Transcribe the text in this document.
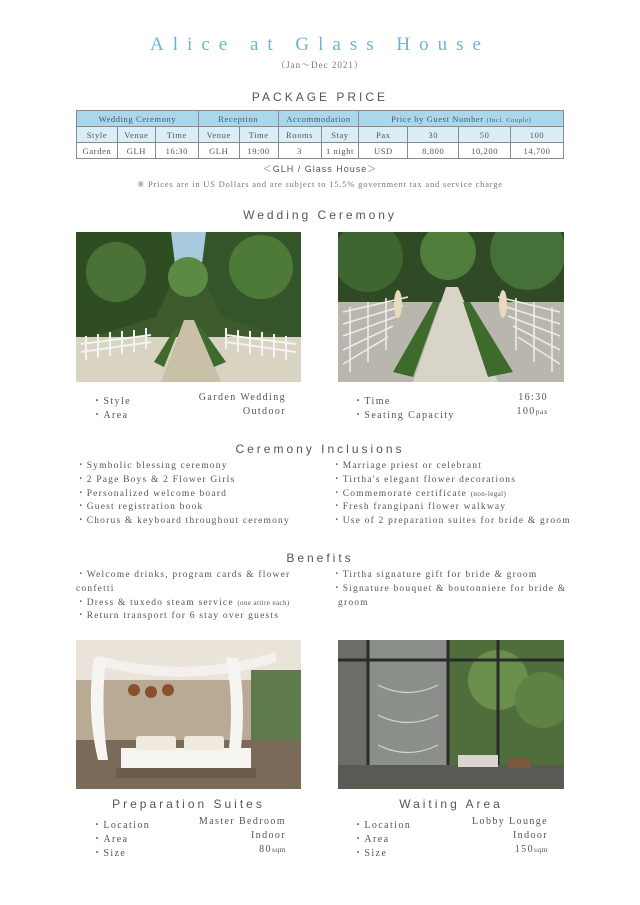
Alice at Glass House
（Jan〜Dec 2021）
PACKAGE PRICE
Wedding Ceremony			Reception		Accommodation		Price by Guest Number (Incl. Couple)			
Style	Venue	Time	Venue	Time	Rooms	Stay	Pax	30	50	100
Garden	GLH	16:30	GLH	19:00	3	1 night	USD	8,800	10,200	14,700
＜GLH / Glass House＞
※ Prices are in US Dollars and are subject to 15.5% government tax and service charge
Wedding Ceremony
・Style	Garden Wedding
・Area	Outdoor
・Time	16:30
・Seating Capacity	100pax
Ceremony Inclusions
・Symbolic blessing ceremony
・2 Page Boys & 2 Flower Girls
・Personalized welcome board
・Guest registration book
・Chorus & keyboard throughout ceremony
・Marriage priest or celebrant
・Tirtha's elegant flower decorations
・Commemorate certificate (non-legal)
・Fresh frangipani flower walkway
・Use of 2 preparation suites for bride & groom
Benefits
・Welcome drinks, program cards & flower confetti
・Dress & tuxedo steam service (one attire each)
・Return transport for 6 stay over guests
・Tirtha signature gift for bride & groom
・Signature bouquet & boutonniere for bride &
groom
Preparation Suites
・Location	Master Bedroom
・Area	Indoor
・Size	80sqm
・Location	Lobby Lounge
・Area	Indoor
・Size	150sqm
Waiting Area
